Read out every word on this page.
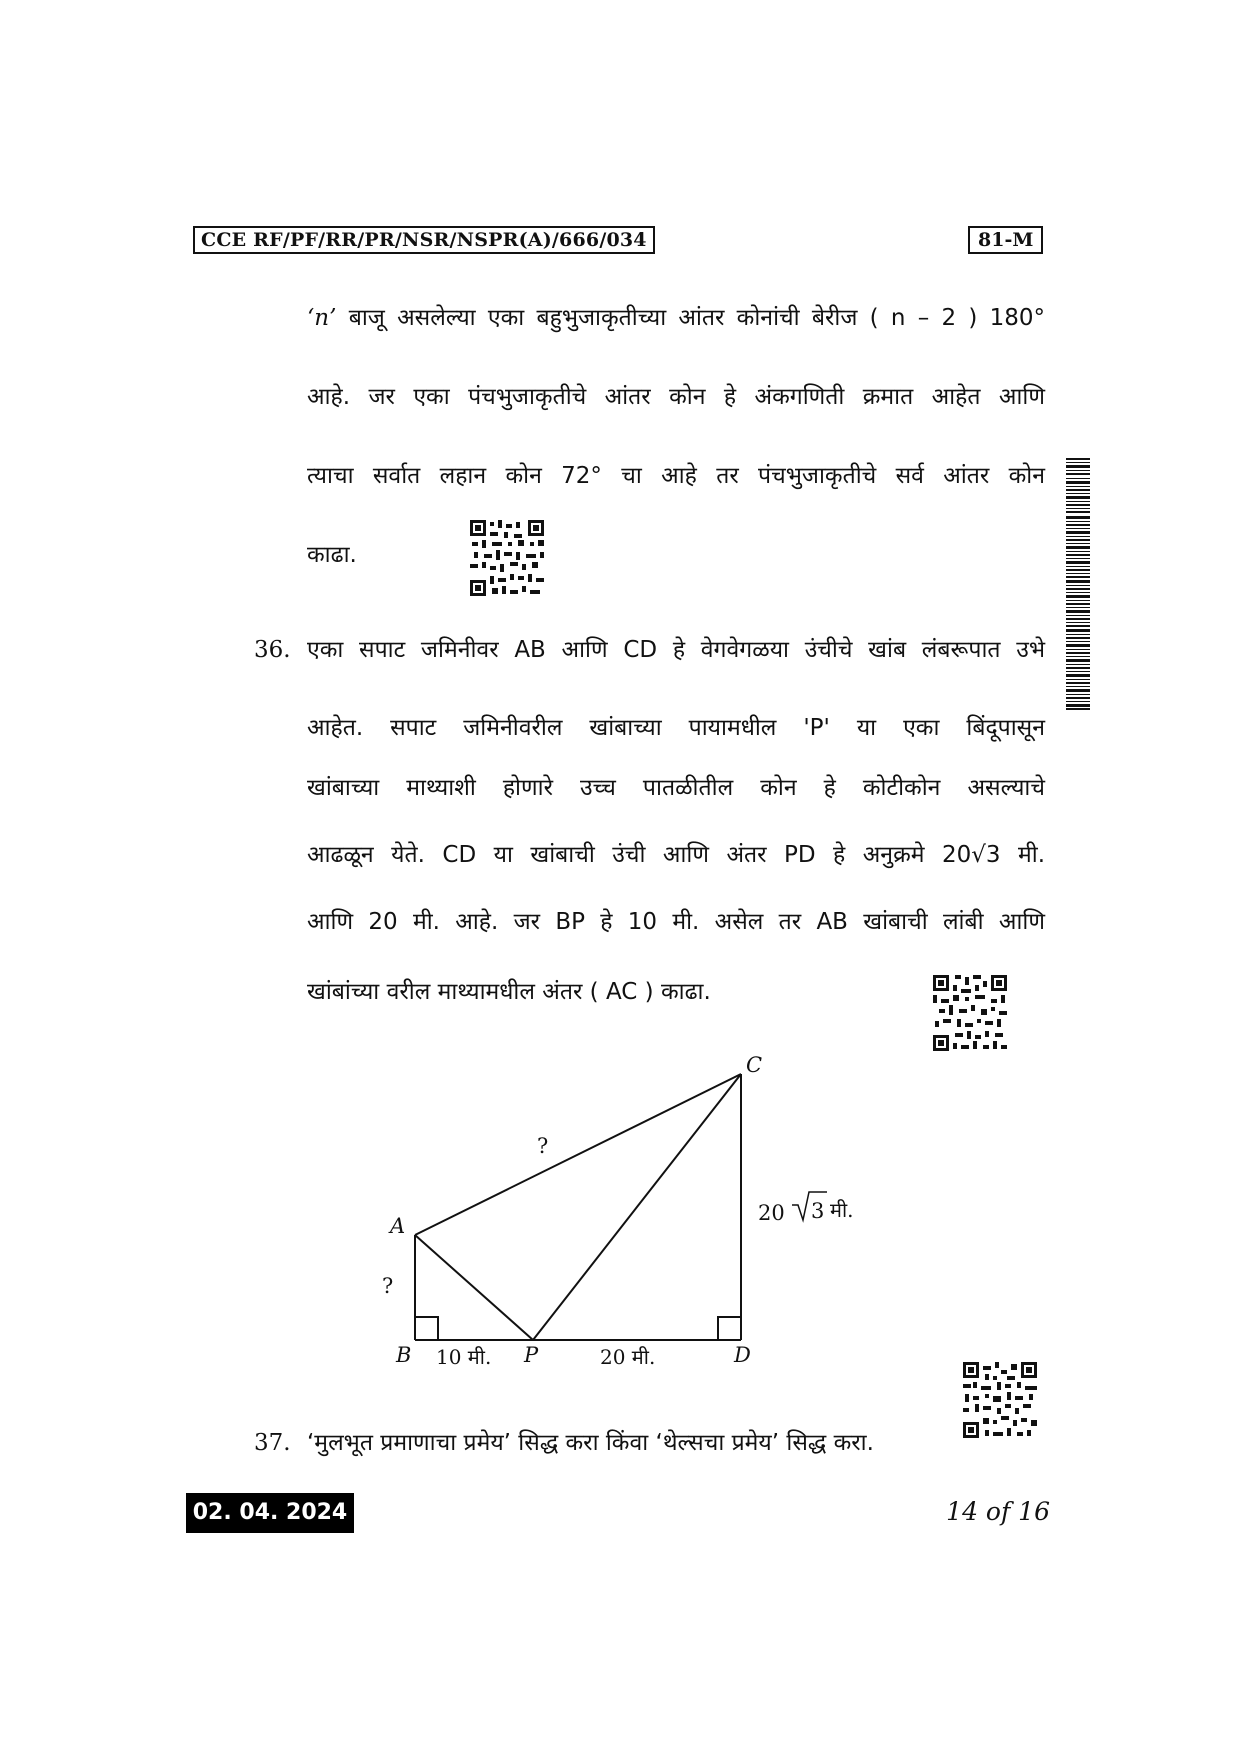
CCE RF/PF/RR/PR/NSR/NSPR(A)/666/034	81-M
‘n’ बाजू असलेल्या एका बहुभुजाकृतीच्या आंतर कोनांची बेरीज ( n – 2 ) 180°
आहे. जर एका पंचभुजाकृतीचे आंतर कोन हे अंकगणिती क्रमात आहेत आणि
त्याचा सर्वात लहान कोन 72° चा आहे तर पंचभुजाकृतीचे सर्व आंतर कोन
काढा.
36. एका सपाट जमिनीवर AB आणि CD हे वेगवेगळया उंचीचे खांब लंबरूपात उभे
आहेत. सपाट जमिनीवरील खांबाच्या पायामधील 'P' या एका बिंदूपासून
खांबाच्या माथ्याशी होणारे उच्च पातळीतील कोन हे कोटीकोन असल्याचे
आढळून येते. CD या खांबाची उंची आणि अंतर PD हे अनुक्रमे 20√3 मी.
आणि 20 मी. आहे. जर BP हे 10 मी. असेल तर AB खांबाची लांबी आणि
खांबांच्या वरील माथ्यामधील अंतर ( AC ) काढा.
C
A
B	P	D
?
?
20 3 मी.
10 मी.	20 मी.
37. ‘मुलभूत प्रमाणाचा प्रमेय’ सिद्ध करा किंवा ‘थेल्सचा प्रमेय’ सिद्ध करा.
02. 04. 2024	14 of 16
